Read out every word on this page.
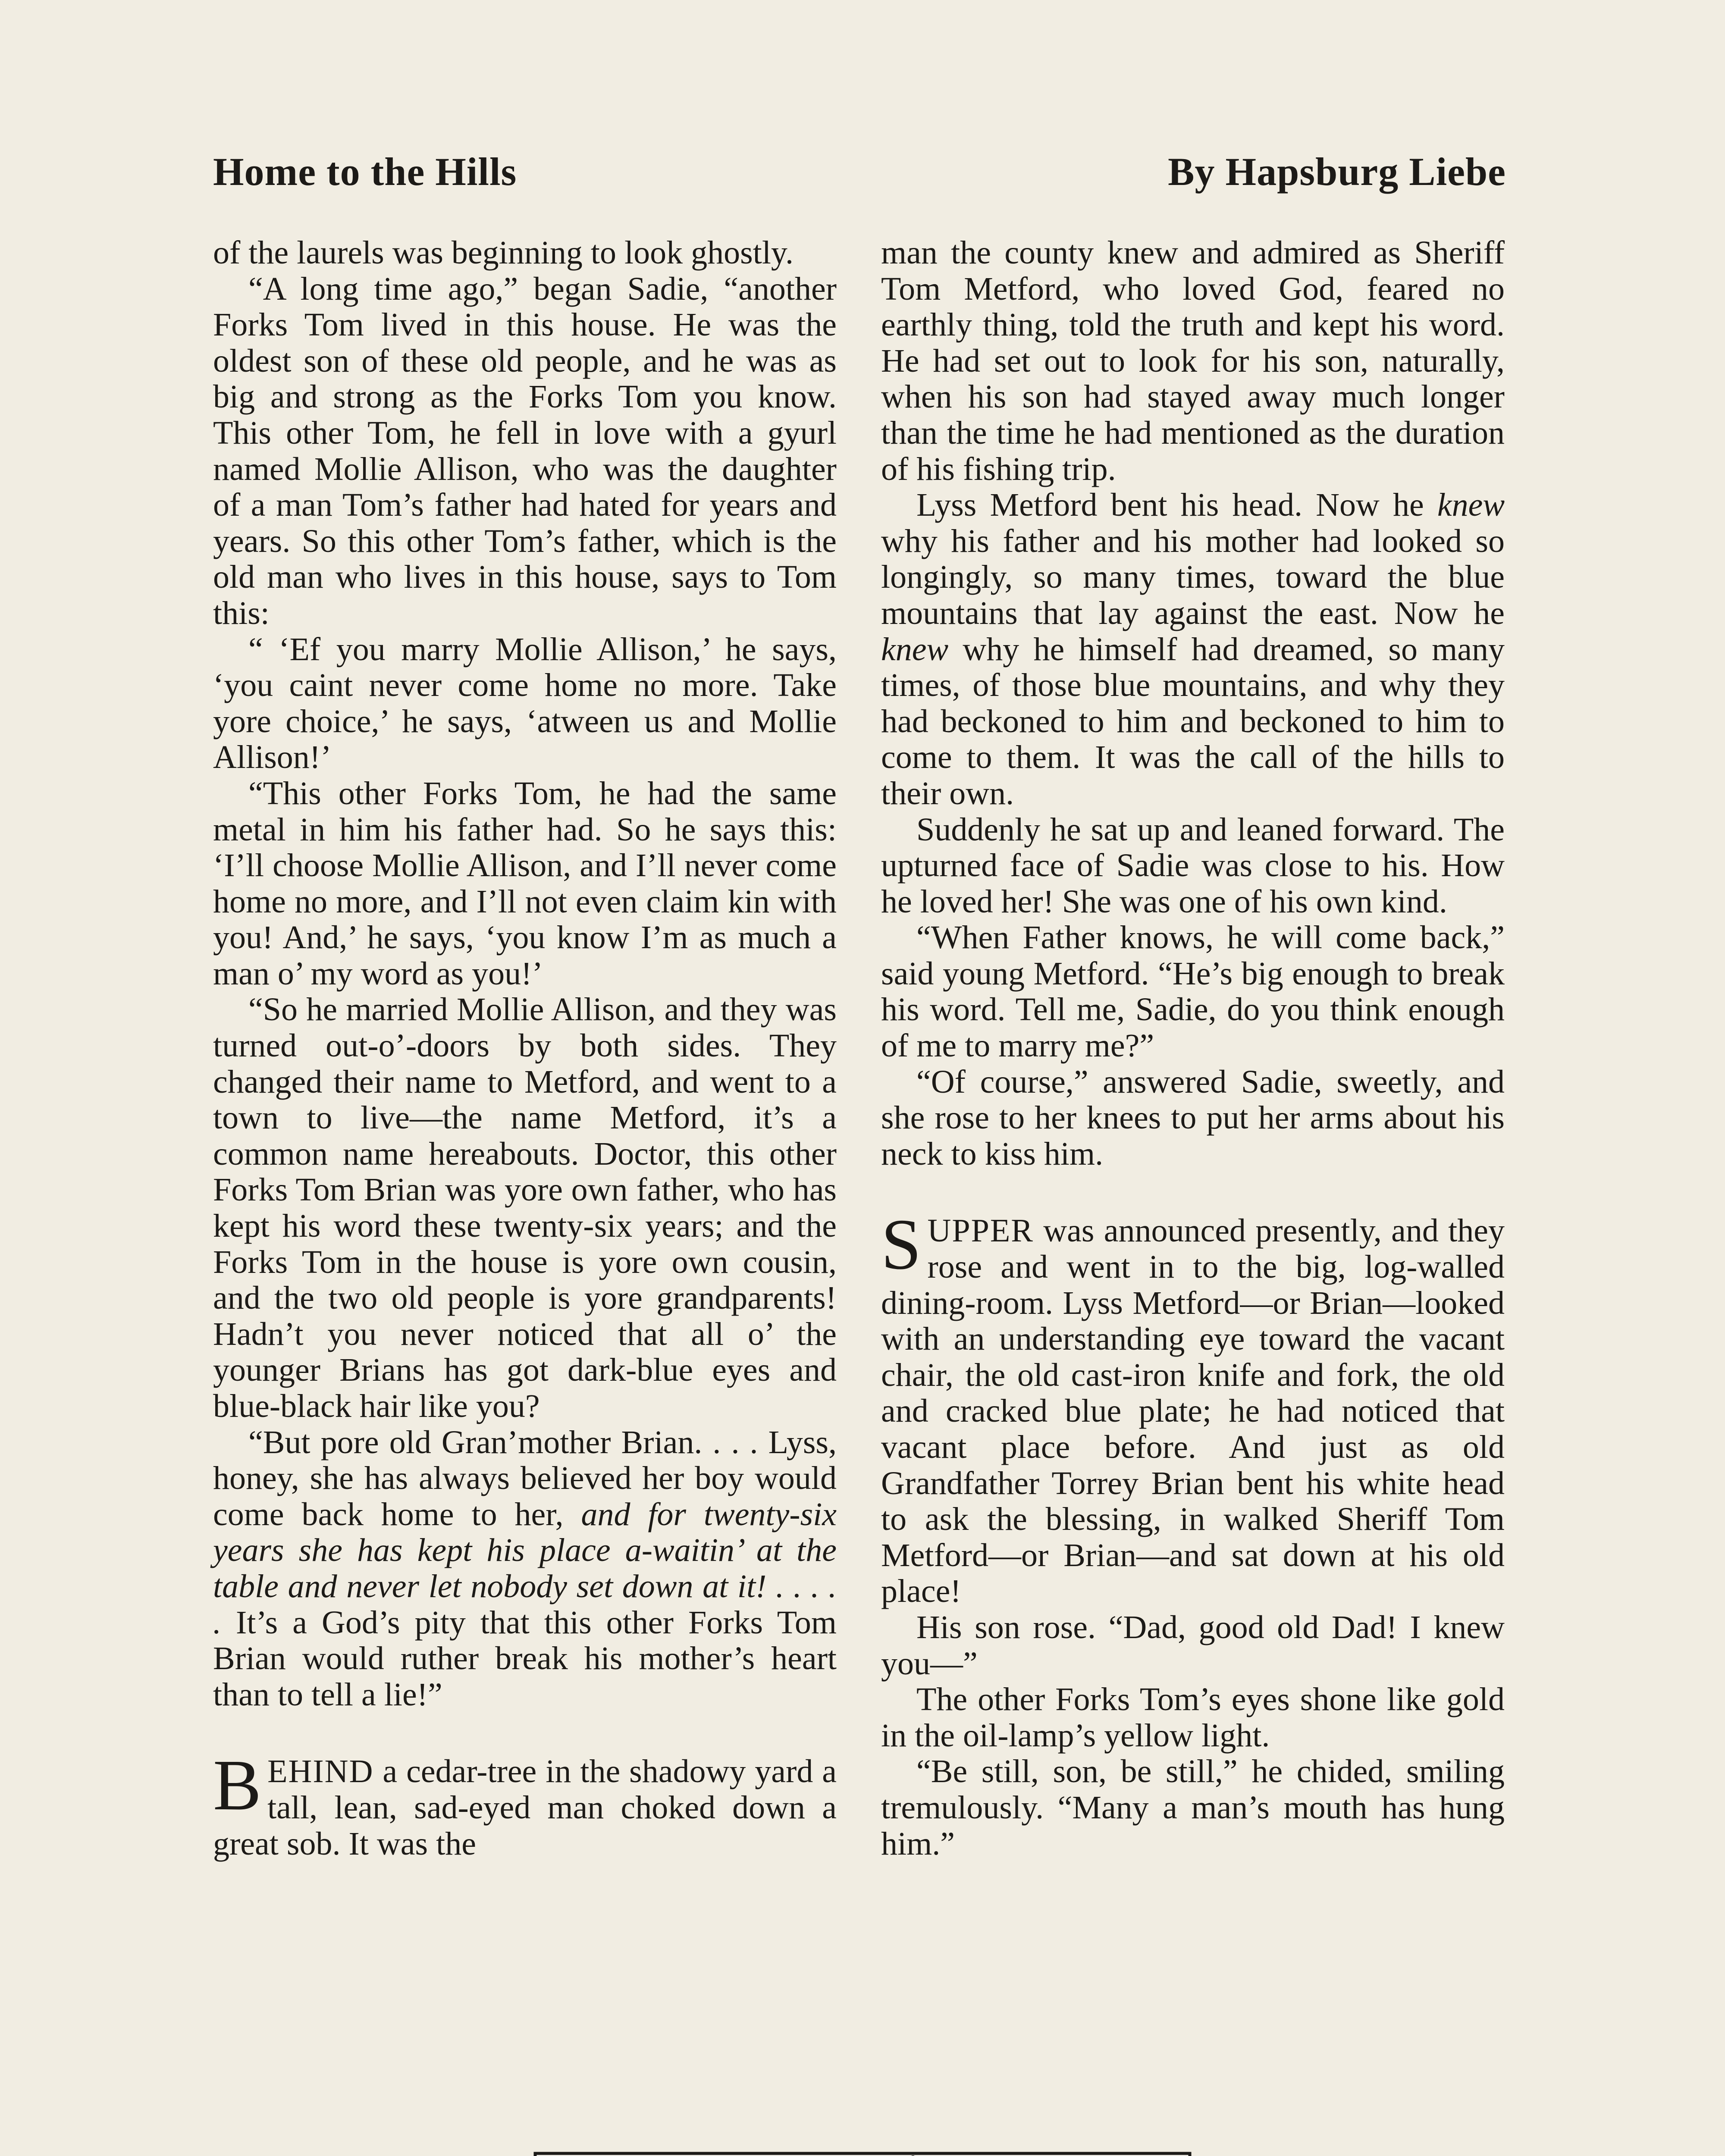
Home to the Hills	By Hapsburg Liebe

of the laurels was beginning to look ghostly.

“A long time ago,” began Sadie, “another Forks Tom lived in this house. He was the oldest son of these old people, and he was as big and strong as the Forks Tom you know. This other Tom, he fell in love with a gyurl named Mollie Allison, who was the daughter of a man Tom’s father had hated for years and years. So this other Tom’s father, which is the old man who lives in this house, says to Tom this:

“ ‘Ef you marry Mollie Allison,’ he says, ‘you caint never come home no more. Take yore choice,’ he says, ‘atween us and Mollie Allison!’

“This other Forks Tom, he had the same metal in him his father had. So he says this: ‘I’ll choose Mollie Allison, and I’ll never come home no more, and I’ll not even claim kin with you! And,’ he says, ‘you know I’m as much a man o’ my word as you!’

“So he married Mollie Allison, and they was turned out-o’-doors by both sides. They changed their name to Metford, and went to a town to live—the name Metford, it’s a common name hereabouts. Doctor, this other Forks Tom Brian was yore own father, who has kept his word these twenty-six years; and the Forks Tom in the house is yore own cousin, and the two old people is yore grandparents! Hadn’t you never noticed that all o’ the younger Brians has got dark-blue eyes and blue-black hair like you?

“But pore old Gran’mother Brian. . . . Lyss, honey, she has always believed her boy would come back home to her, and for twenty-six years she has kept his place a-waitin’ at the table and never let nobody set down at it! . . . . . It’s a God’s pity that this other Forks Tom Brian would ruther break his mother’s heart than to tell a lie!”

B EHIND a cedar-tree in the shadowy yard a tall, lean, sad-eyed man choked down a great sob. It was the

man the county knew and admired as Sheriff Tom Metford, who loved God, feared no earthly thing, told the truth and kept his word. He had set out to look for his son, naturally, when his son had stayed away much longer than the time he had mentioned as the duration of his fishing trip.

Lyss Metford bent his head. Now he knew why his father and his mother had looked so longingly, so many times, toward the blue mountains that lay against the east. Now he knew why he himself had dreamed, so many times, of those blue mountains, and why they had beckoned to him and beckoned to him to come to them. It was the call of the hills to their own.

Suddenly he sat up and leaned forward. The upturned face of Sadie was close to his. How he loved her! She was one of his own kind.

“When Father knows, he will come back,” said young Metford. “He’s big enough to break his word. Tell me, Sadie, do you think enough of me to marry me?”

“Of course,” answered Sadie, sweetly, and she rose to her knees to put her arms about his neck to kiss him.

S UPPER was announced presently, and they rose and went in to the big, log-walled dining-room. Lyss Metford—or Brian—looked with an understanding eye toward the vacant chair, the old cast-iron knife and fork, the old and cracked blue plate; he had noticed that vacant place before. And just as old Grandfather Torrey Brian bent his white head to ask the blessing, in walked Sheriff Tom Metford—or Brian—and sat down at his old place!

His son rose. “Dad, good old Dad! I knew you—”

The other Forks Tom’s eyes shone like gold in the oil-lamp’s yellow light.

“Be still, son, be still,” he chided, smiling tremulously. “Many a man’s mouth has hung him.”
